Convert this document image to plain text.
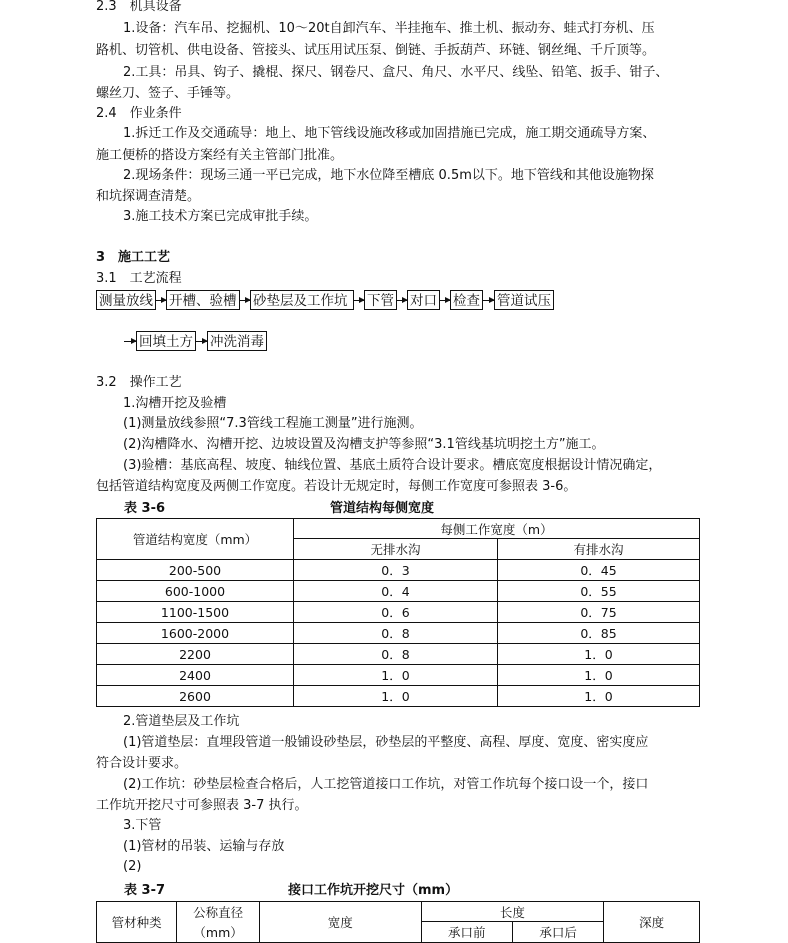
2.3　机具设备
1.设备：汽车吊、挖掘机、10～20t自卸汽车、半挂拖车、推土机、振动夯、蛙式打夯机、压
路机、切管机、供电设备、管接头、试压用试压泵、倒链、手扳葫芦、环链、钢丝绳、千斤顶等。
2.工具：吊具、钩子、撬棍、探尺、钢卷尺、盒尺、角尺、水平尺、线坠、铅笔、扳手、钳子、
螺丝刀、签子、手锤等。
2.4　作业条件
1.拆迁工作及交通疏导：地上、地下管线设施改移或加固措施已完成，施工期交通疏导方案、
施工便桥的搭设方案经有关主管部门批准。
2.现场条件：现场三通一平已完成，地下水位降至槽底 0.5m以下。地下管线和其他设施物探
和坑探调查清楚。
3.施工技术方案已完成审批手续。
3　施工工艺
3.1　工艺流程
测量放线 开槽、验槽 砂垫层及工作坑	下管 对口 检查 管道试压
回填土方 冲洗消毒
3.2　操作工艺
1.沟槽开挖及验槽
(1)测量放线参照“7.3管线工程施工测量”进行施测。
(2)沟槽降水、沟槽开挖、边坡设置及沟槽支护等参照“3.1管线基坑明挖土方”施工。
(3)验槽：基底高程、坡度、轴线位置、基底土质符合设计要求。槽底宽度根据设计情况确定，
包括管道结构宽度及两侧工作宽度。若设计无规定时，每侧工作宽度可参照表 3-6。
表 3-6	管道结构每侧宽度
管道结构宽度（mm）	每侧工作宽度（m）	
	无排水沟	有排水沟
200-500	0．3	0．45
600-1000	0．4	0．55
1100-1500	0．6	0．75
1600-2000	0．8	0．85
2200	0．8	1．0
2400	1．0	1．0
2600	1．0	1．0
2.管道垫层及工作坑
(1)管道垫层：直埋段管道一般铺设砂垫层，砂垫层的平整度、高程、厚度、宽度、密实度应
符合设计要求。
(2)工作坑：砂垫层检查合格后，人工挖管道接口工作坑，对管工作坑每个接口设一个，接口
工作坑开挖尺寸可参照表 3-7 执行。
3.下管
(1)管材的吊装、运输与存放
(2)
表 3-7	接口工作坑开挖尺寸（mm）
管材种类	公称直径	宽度	长度		深度
	（mm）		承口前	承口后	
